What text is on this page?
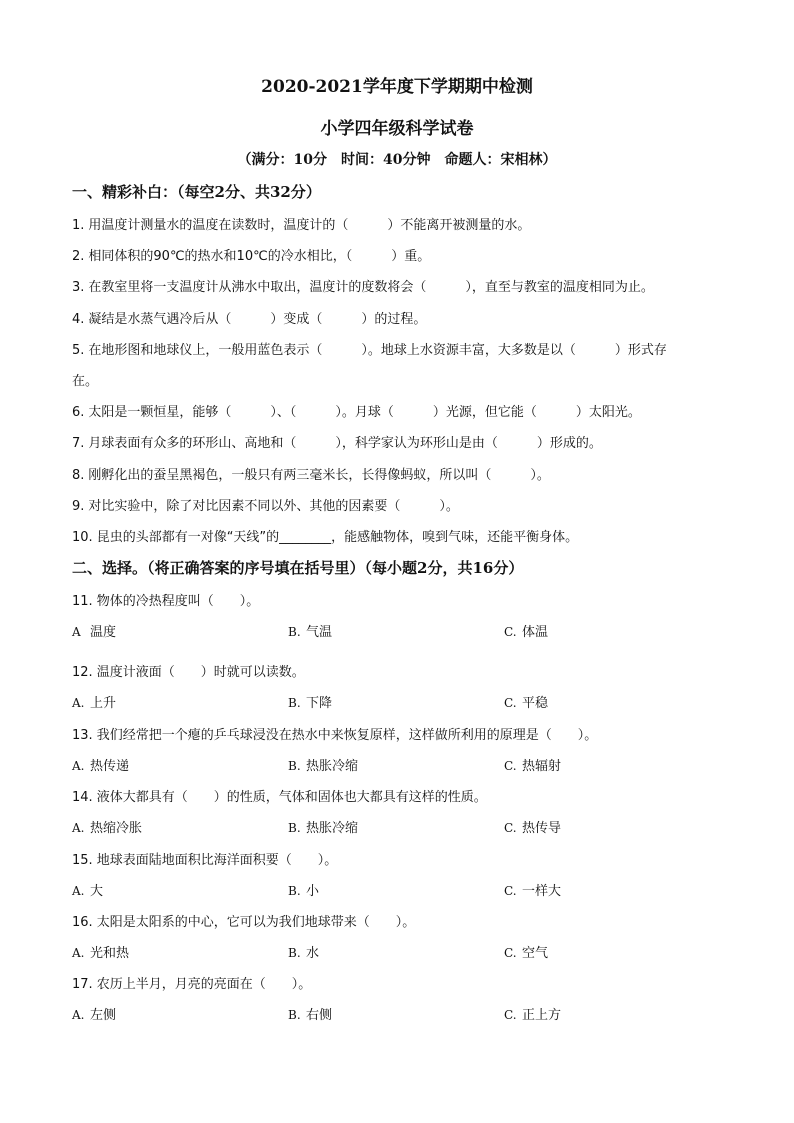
2020-2021学年度下学期期中检测
小学四年级科学试卷
（满分：10分　时间：40分钟　命题人：宋相林）
一、精彩补白：（每空2分、共32分）
1. 用温度计测量水的温度在读数时，温度计的（　　　）不能离开被测量的水。
2. 相同体积的90℃的热水和10℃的冷水相比，（　　　）重。
3. 在教室里将一支温度计从沸水中取出，温度计的度数将会（　　　），直至与教室的温度相同为止。
4. 凝结是水蒸气遇冷后从（　　　）变成（　　　）的过程。
5. 在地形图和地球仪上，一般用蓝色表示（　　　）。地球上水资源丰富，大多数是以（　　　）形式存
在。
6. 太阳是一颗恒星，能够（　　　）、（　　　）。月球（　　　）光源，但它能（　　　）太阳光。
7. 月球表面有众多的环形山、高地和（　　　），科学家认为环形山是由（　　　）形成的。
8. 刚孵化出的蚕呈黑褐色，一般只有两三毫米长，长得像蚂蚁，所以叫（　　　）。
9. 对比实验中，除了对比因素不同以外、其他的因素要（　　　）。
10. 昆虫的头部都有一对像“天线”的________，能感触物体，嗅到气味，还能平衡身体。
二、选择。（将正确答案的序号填在括号里）（每小题2分，共16分）
11. 物体的冷热程度叫（　　）。
A 温度	B. 气温	C. 体温
12. 温度计液面（　　）时就可以读数。
A. 上升	B. 下降	C. 平稳
13. 我们经常把一个瘪的乒乓球浸没在热水中来恢复原样，这样做所利用的原理是（　　）。
A. 热传递	B. 热胀冷缩	C. 热辐射
14. 液体大都具有（　　）的性质，气体和固体也大都具有这样的性质。
A. 热缩冷胀	B. 热胀冷缩	C. 热传导
15. 地球表面陆地面积比海洋面积要（　　）。
A. 大	B. 小	C. 一样大
16. 太阳是太阳系的中心，它可以为我们地球带来（　　）。
A. 光和热	B. 水	C. 空气
17. 农历上半月，月亮的亮面在（　　）。
A. 左侧	B. 右侧	C. 正上方
